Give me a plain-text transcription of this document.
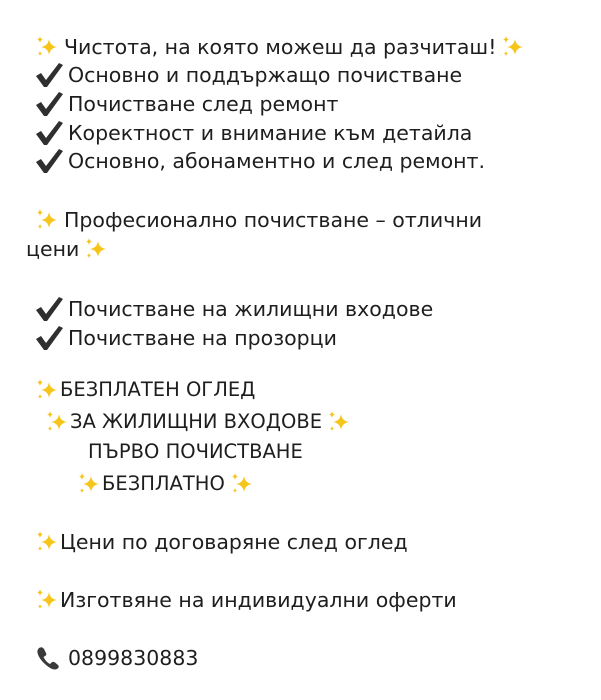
Чистота, на която можеш да разчиташ!
Основно и поддържащо почистване
Почистване след ремонт
Коректност и внимание към детайла
Основно, абонаментно и след ремонт.
Професионално почистване – отлични
цени
Почистване на жилищни входове
Почистване на прозорци
БЕЗПЛАТЕН ОГЛЕД
ЗА ЖИЛИЩНИ ВХОДОВЕ
ПЪРВО ПОЧИСТВАНЕ
БЕЗПЛАТНО
Цени по договаряне след оглед
Изготвяне на индивидуални оферти
0899830883
